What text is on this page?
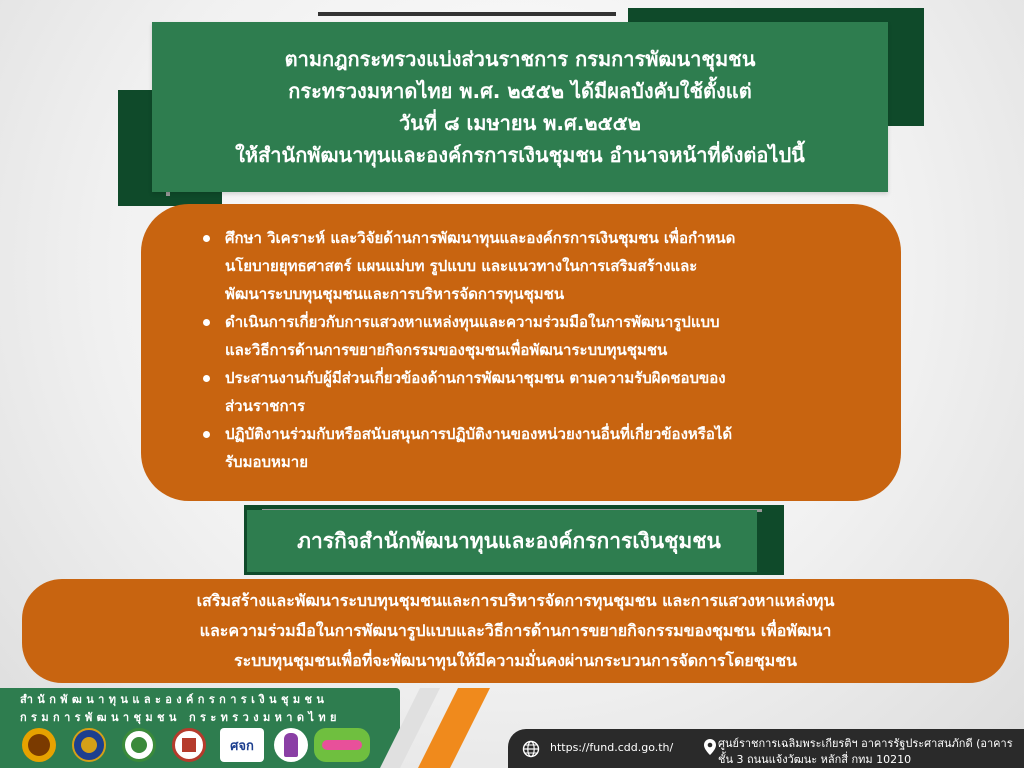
ตามกฎกระทรวงแบ่งส่วนราชการ กรมการพัฒนาชุมชน
กระทรวงมหาดไทย พ.ศ. ๒๕๕๒ ได้มีผลบังคับใช้ตั้งแต่
วันที่ ๘ เมษายน พ.ศ.๒๕๕๒
ให้สำนักพัฒนาทุนและองค์กรการเงินชุมชน อำนาจหน้าที่ดังต่อไปนี้
ศึกษา วิเคราะห์ และวิจัยด้านการพัฒนาทุนและองค์กรการเงินชุมชน เพื่อกำหนด
นโยบายยุทธศาสตร์ แผนแม่บท รูปแบบ และแนวทางในการเสริมสร้างและ
พัฒนาระบบทุนชุมชนและการบริหารจัดการทุนชุมชน
ดำเนินการเกี่ยวกับการแสวงหาแหล่งทุนและความร่วมมือในการพัฒนารูปแบบ
และวิธีการด้านการขยายกิจกรรมของชุมชนเพื่อพัฒนาระบบทุนชุมชน
ประสานงานกับผู้มีส่วนเกี่ยวข้องด้านการพัฒนาชุมชน ตามความรับผิดชอบของ
ส่วนราชการ
ปฏิบัติงานร่วมกับหรือสนับสนุนการปฏิบัติงานของหน่วยงานอื่นที่เกี่ยวข้องหรือได้
รับมอบหมาย
ภารกิจสำนักพัฒนาทุนและองค์กรการเงินชุมชน
เสริมสร้างและพัฒนาระบบทุนชุมชนและการบริหารจัดการทุนชุมชน และการแสวงหาแหล่งทุน
และความร่วมมือในการพัฒนารูปแบบและวิธีการด้านการขยายกิจกรรมของชุมชน เพื่อพัฒนา
ระบบทุนชุมชนเพื่อที่จะพัฒนาทุนให้มีความมั่นคงผ่านกระบวนการจัดการโดยชุมชน
สำนักพัฒนาทุนและองค์กรการเงินชุมชน
กรมการพัฒนาชุมชน กระทรวงมหาดไทย
ศจก	https://fund.cdd.go.th/	ศูนย์ราชการเฉลิมพระเกียรติฯ อาคารรัฐประศาสนภักดี (อาคาร
ชั้น 3 ถนนแจ้งวัฒนะ หลักสี่ กทม 10210
